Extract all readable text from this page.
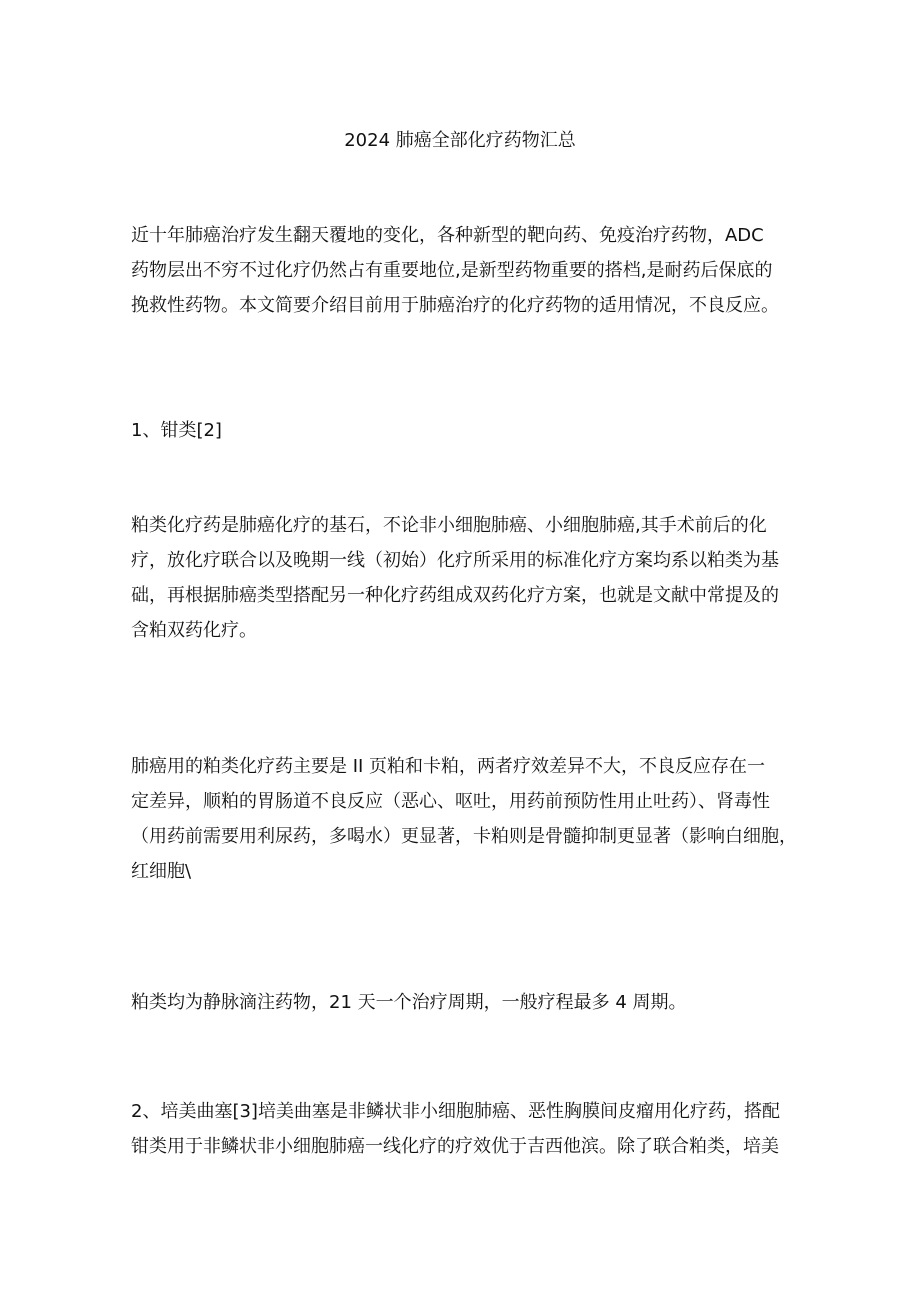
2024 肺癌全部化疗药物汇总

近十年肺癌治疗发生翻天覆地的变化，各种新型的靶向药、免疫治疗药物，ADC
药物层出不穷不过化疗仍然占有重要地位,是新型药物重要的搭档,是耐药后保底的
挽救性药物。本文简要介绍目前用于肺癌治疗的化疗药物的适用情况，不良反应。

1、钳类[2]

粕类化疗药是肺癌化疗的基石，不论非小细胞肺癌、小细胞肺癌,其手术前后的化
疗，放化疗联合以及晚期一线（初始）化疗所采用的标准化疗方案均系以粕类为基
础，再根据肺癌类型搭配另一种化疗药组成双药化疗方案，也就是文献中常提及的
含粕双药化疗。

肺癌用的粕类化疗药主要是 II 页粕和卡粕，两者疗效差异不大，不良反应存在一
定差异，顺粕的胃肠道不良反应（恶心、呕吐，用药前预防性用止吐药）、肾毒性
（用药前需要用利尿药，多喝水）更显著，卡粕则是骨髓抑制更显著（影响白细胞，
红细胞\

粕类均为静脉滴注药物，21 天一个治疗周期，一般疗程最多 4 周期。

2、培美曲塞[3]培美曲塞是非鳞状非小细胞肺癌、恶性胸膜间皮瘤用化疗药，搭配
钳类用于非鳞状非小细胞肺癌一线化疗的疗效优于吉西他滨。除了联合粕类，培美
